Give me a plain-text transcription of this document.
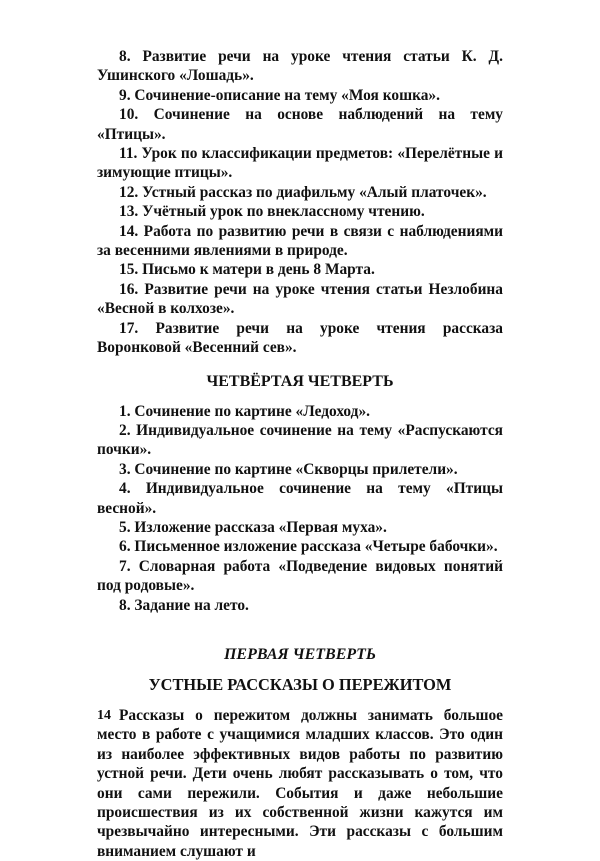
8. Развитие речи на уроке чтения статьи К. Д. Ушинского «Лошадь».

9. Сочинение-описание на тему «Моя кошка».

10. Сочинение на основе наблюдений на тему «Птицы».

11. Урок по классификации предметов: «Перелётные и зимующие птицы».

12. Устный рассказ по диафильму «Алый платочек».

13. Учётный урок по внеклассному чтению.

14. Работа по развитию речи в связи с наблюдениями за весенними явлениями в природе.

15. Письмо к матери в день 8 Марта.

16. Развитие речи на уроке чтения статьи Незлобина «Весной в колхозе».

17. Развитие речи на уроке чтения рассказа Воронковой «Весенний сев».

ЧЕТВЁРТАЯ ЧЕТВЕРТЬ

1. Сочинение по картине «Ледоход».

2. Индивидуальное сочинение на тему «Распускаются почки».

3. Сочинение по картине «Скворцы прилетели».

4. Индивидуальное сочинение на тему «Птицы весной».

5. Изложение рассказа «Первая муха».

6. Письменное изложение рассказа «Четыре бабочки».

7. Словарная работа «Подведение видовых понятий под родовые».

8. Задание на лето.

ПЕРВАЯ ЧЕТВЕРТЬ
УСТНЫЕ РАССКАЗЫ О ПЕРЕЖИТОМ

Рассказы о пережитом должны занимать большое место в работе с учащимися младших классов. Это один из наиболее эффективных видов работы по развитию устной речи. Дети очень любят рассказывать о том, что они сами пережили. События и даже небольшие происшествия из их собственной жизни кажутся им чрезвычайно интересными. Эти рассказы с большим вниманием слушают и

14
